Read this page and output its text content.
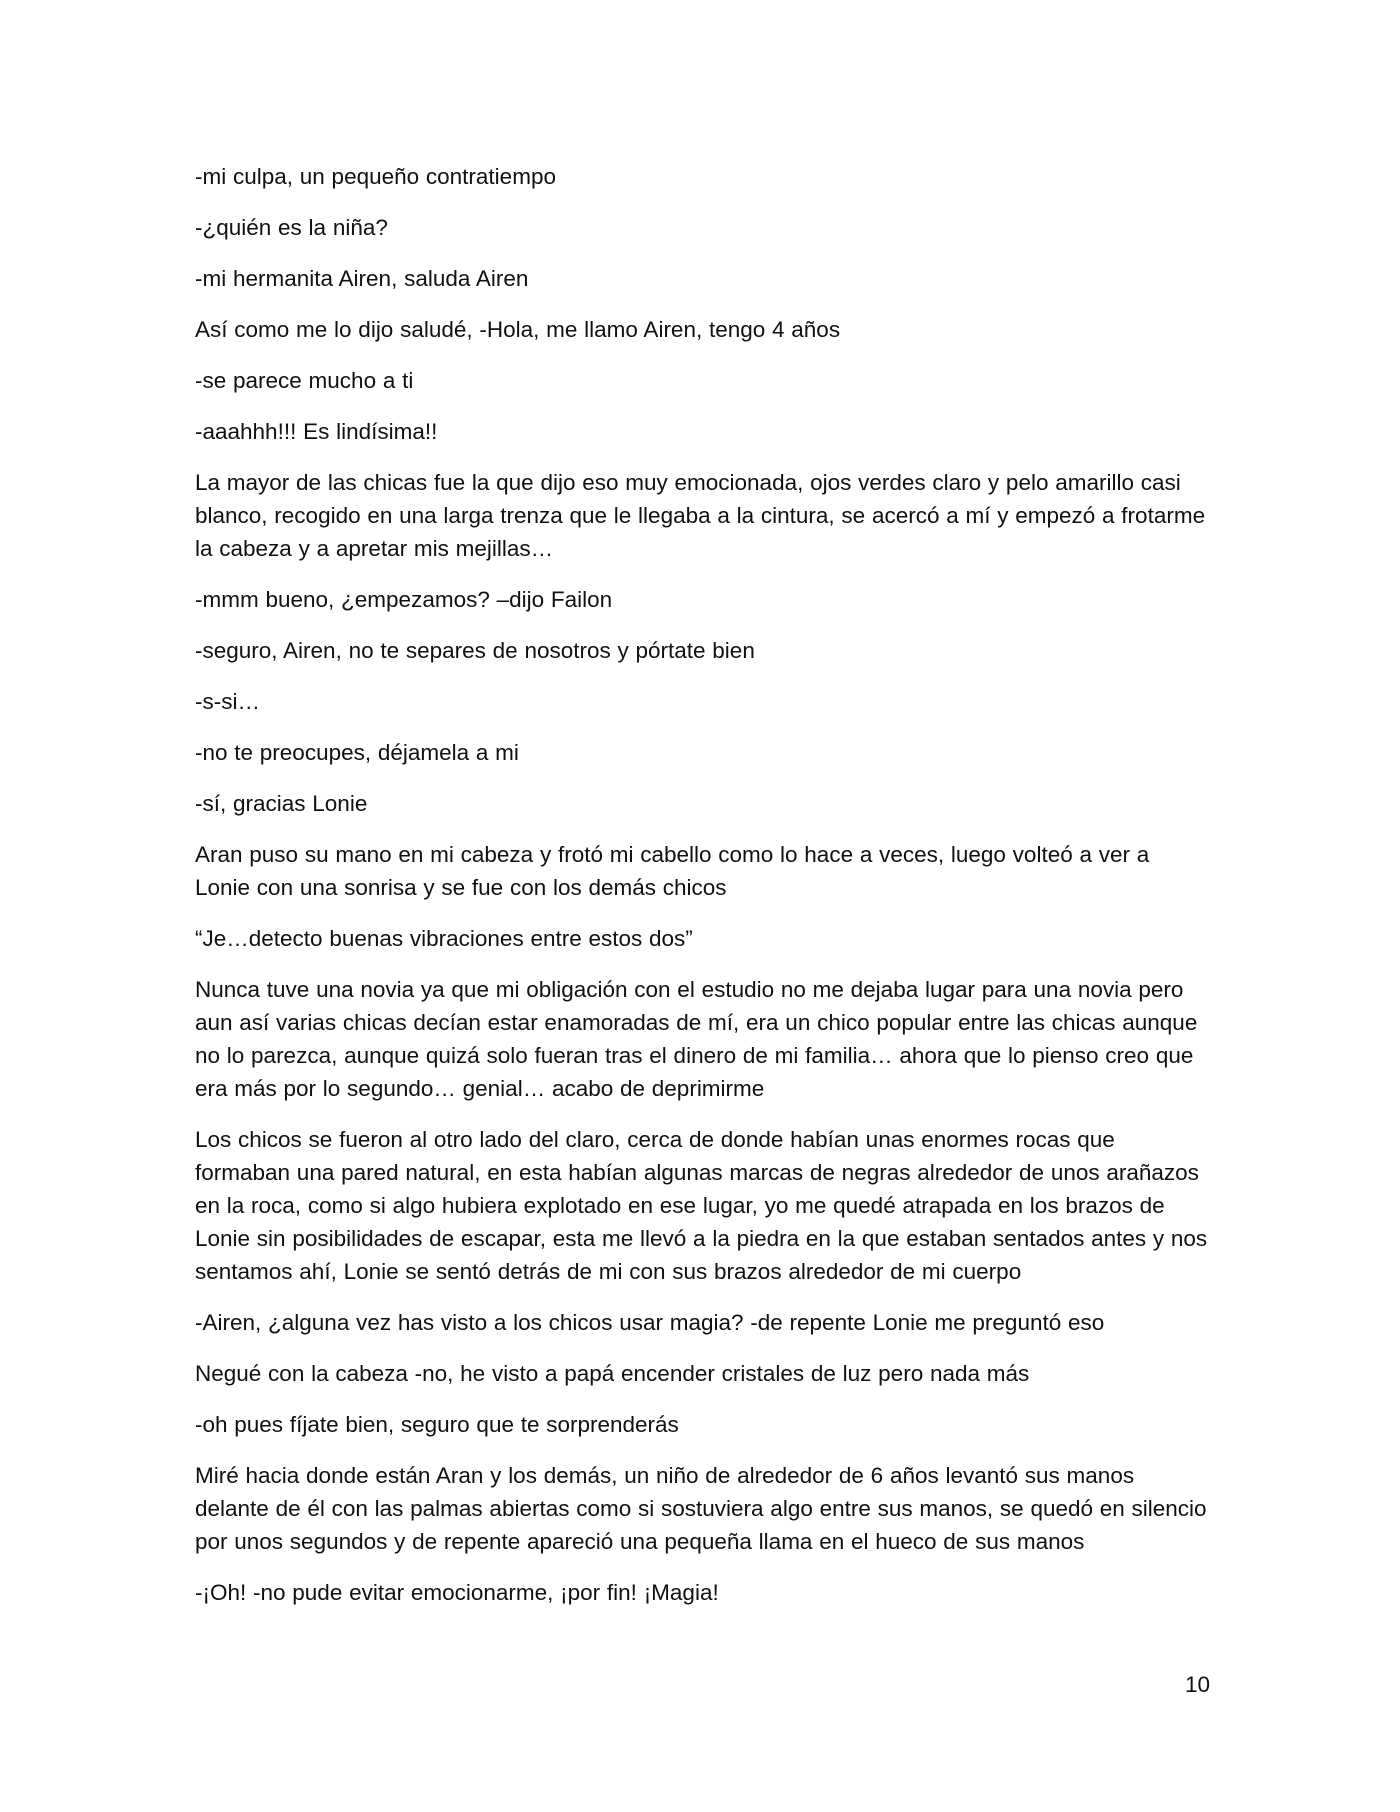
-mi culpa, un pequeño contratiempo

-¿quién es la niña?

-mi hermanita Airen, saluda Airen

Así como me lo dijo saludé, -Hola, me llamo Airen, tengo 4 años

-se parece mucho a ti

-aaahhh!!! Es lindísima!!

La mayor de las chicas fue la que dijo eso muy emocionada, ojos verdes claro y pelo amarillo casi blanco, recogido en una larga trenza que le llegaba a la cintura, se acercó a mí y empezó a frotarme la cabeza y a apretar mis mejillas…

-mmm bueno, ¿empezamos? –dijo Failon

-seguro, Airen, no te separes de nosotros y pórtate bien

-s-si…

-no te preocupes, déjamela a mi

-sí, gracias Lonie

Aran puso su mano en mi cabeza y frotó mi cabello como lo hace a veces, luego volteó a ver a Lonie con una sonrisa y se fue con los demás chicos

“Je…detecto buenas vibraciones entre estos dos”

Nunca tuve una novia ya que mi obligación con el estudio no me dejaba lugar para una novia pero aun así varias chicas decían estar enamoradas de mí, era un chico popular entre las chicas aunque no lo parezca, aunque quizá solo fueran tras el dinero de mi familia… ahora que lo pienso creo que era más por lo segundo… genial… acabo de deprimirme

Los chicos se fueron al otro lado del claro, cerca de donde habían unas enormes rocas que formaban una pared natural, en esta habían algunas marcas de negras alrededor de unos arañazos en la roca, como si algo hubiera explotado en ese lugar, yo me quedé atrapada en los brazos de Lonie sin posibilidades de escapar, esta me llevó a la piedra en la que estaban sentados antes y nos sentamos ahí, Lonie se sentó detrás de mi con sus brazos alrededor de mi cuerpo

-Airen, ¿alguna vez has visto a los chicos usar magia? -de repente Lonie me preguntó eso

Negué con la cabeza -no, he visto a papá encender cristales de luz pero nada más

-oh pues fíjate bien, seguro que te sorprenderás

Miré hacia donde están Aran y los demás, un niño de alrededor de 6 años levantó sus manos delante de él con las palmas abiertas como si sostuviera algo entre sus manos, se quedó en silencio por unos segundos y de repente apareció una pequeña llama en el hueco de sus manos

-¡Oh! -no pude evitar emocionarme, ¡por fin! ¡Magia!

10
